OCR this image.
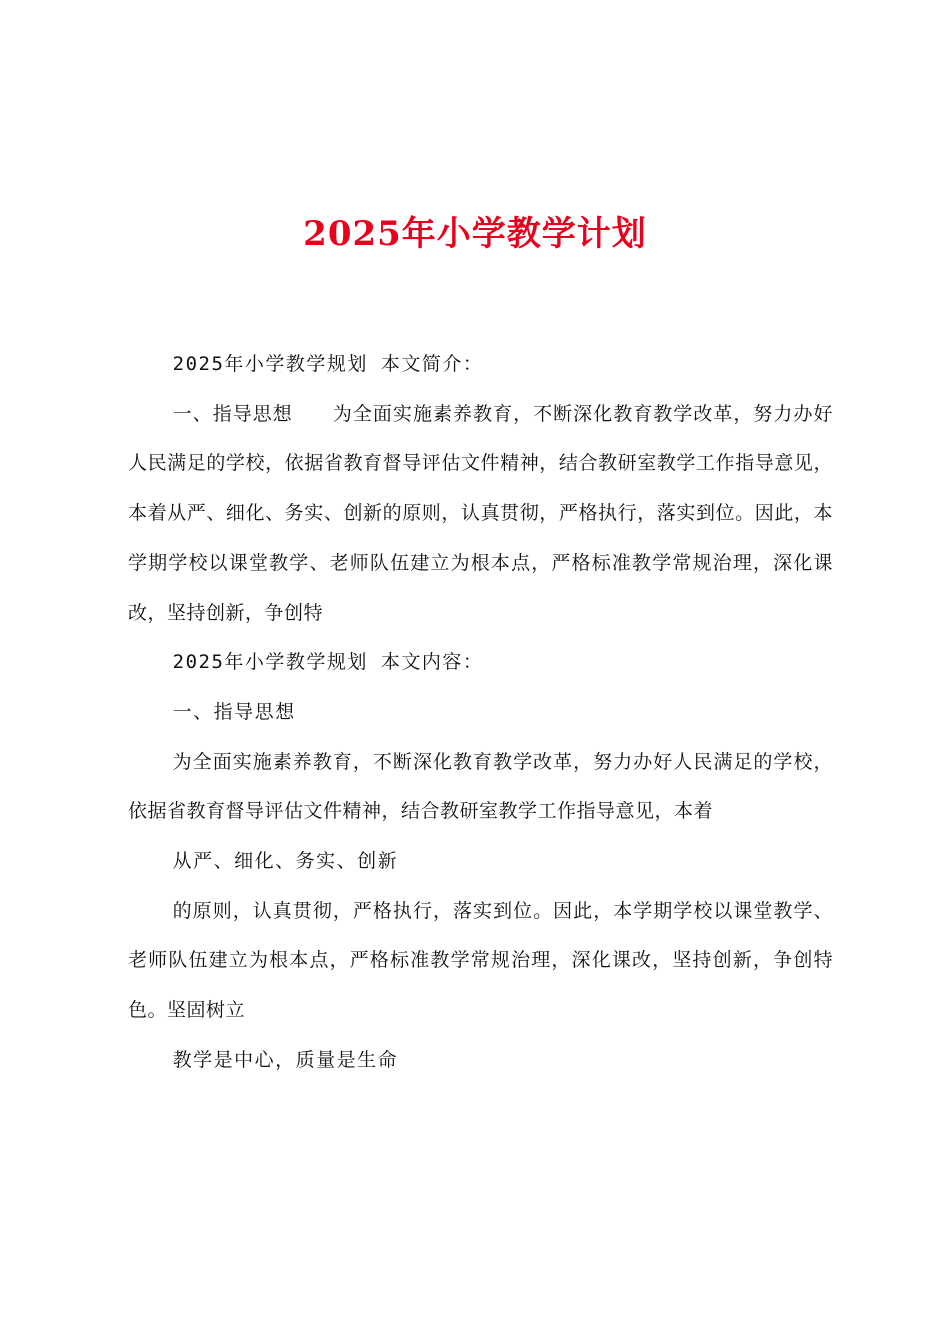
2025年小学教学计划

2025年小学教学规划 本文简介：

一、指导思想　　为全面实施素养教育，不断深化教育教学改革，努力办好人民满足的学校，依据省教育督导评估文件精神，结合教研室教学工作指导意见，本着从严、细化、务实、创新的原则，认真贯彻，严格执行，落实到位。因此，本学期学校以课堂教学、老师队伍建立为根本点，严格标准教学常规治理，深化课改，坚持创新，争创特

2025年小学教学规划 本文内容：

一、指导思想

为全面实施素养教育，不断深化教育教学改革，努力办好人民满足的学校，依据省教育督导评估文件精神，结合教研室教学工作指导意见，本着

从严、细化、务实、创新

的原则，认真贯彻，严格执行，落实到位。因此，本学期学校以课堂教学、老师队伍建立为根本点，严格标准教学常规治理，深化课改，坚持创新，争创特色。坚固树立

教学是中心，质量是生命
